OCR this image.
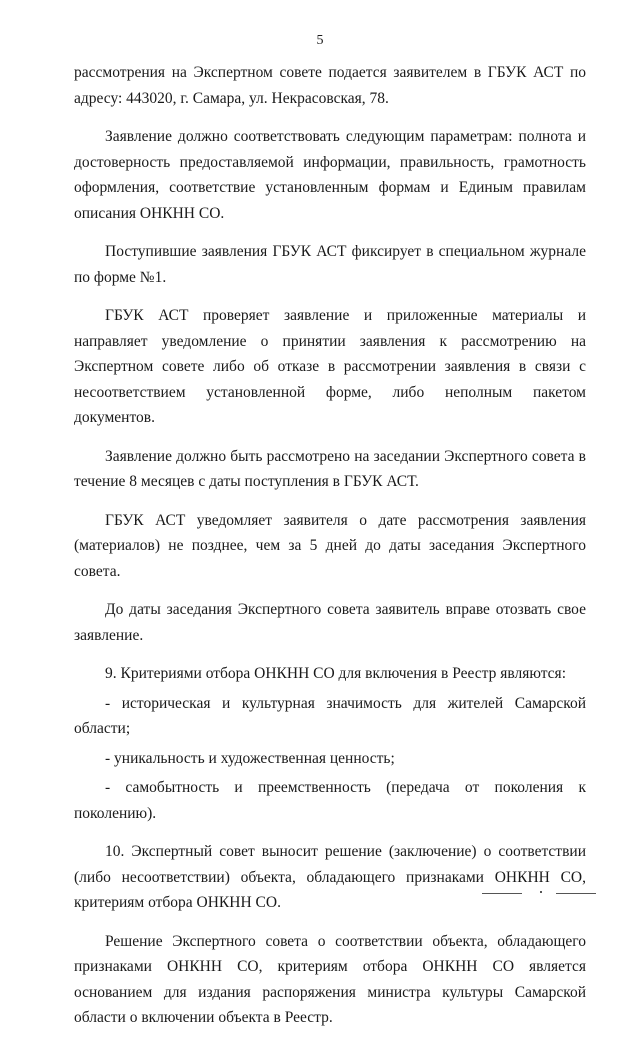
5

рассмотрения на Экспертном совете подается заявителем в ГБУК АСТ по адресу: 443020, г. Самара, ул. Некрасовская, 78.

Заявление должно соответствовать следующим параметрам: полнота и достоверность предоставляемой информации, правильность, грамотность оформления, соответствие установленным формам и Единым правилам описания ОНКНН СО.

Поступившие заявления ГБУК АСТ фиксирует в специальном журнале по форме №1.

ГБУК АСТ проверяет заявление и приложенные материалы и направляет уведомление о принятии заявления к рассмотрению на Экспертном совете либо об отказе в рассмотрении заявления в связи с несоответствием установленной форме, либо неполным пакетом документов.

Заявление должно быть рассмотрено на заседании Экспертного совета в течение 8 месяцев с даты поступления в ГБУК АСТ.

ГБУК АСТ уведомляет заявителя о дате рассмотрения заявления (материалов) не позднее, чем за 5 дней до даты заседания Экспертного совета.

До даты заседания Экспертного совета заявитель вправе отозвать свое заявление.

9. Критериями отбора ОНКНН СО для включения в Реестр являются:

- историческая и культурная значимость для жителей Самарской области;

- уникальность и художественная ценность;

- самобытность и преемственность (передача от поколения к поколению).

10. Экспертный совет выносит решение (заключение) о соответствии (либо несоответствии) объекта, обладающего признаками ОНКНН СО, критериям отбора ОНКНН СО.

Решение Экспертного совета о соответствии объекта, обладающего признаками ОНКНН СО, критериям отбора ОНКНН СО является основанием для издания распоряжения министра культуры Самарской области о включении объекта в Реестр.
